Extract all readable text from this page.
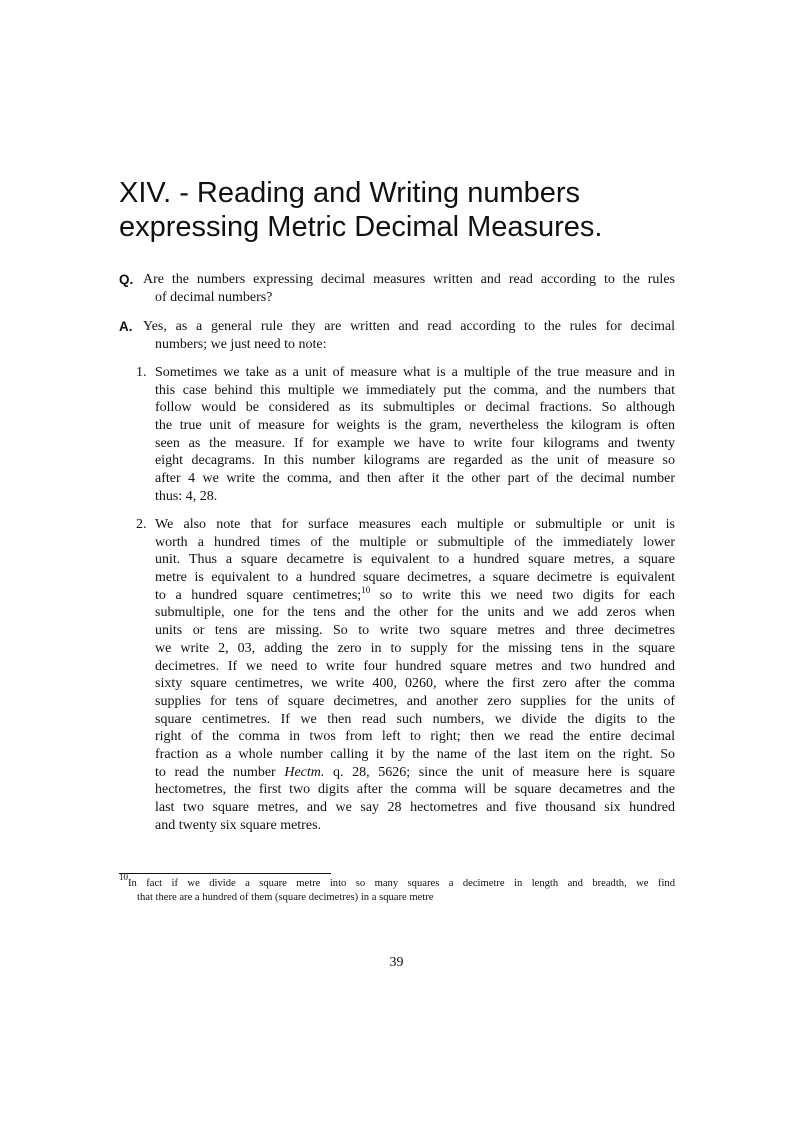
XIV. - Reading and Writing numbers
expressing Metric Decimal Measures.
Q. Are the numbers expressing decimal measures written and read according to the rules
of decimal numbers?
A. Yes, as a general rule they are written and read according to the rules for decimal
numbers; we just need to note:
1. Sometimes we take as a unit of measure what is a multiple of the true measure and in
this case behind this multiple we immediately put the comma, and the numbers that
follow would be considered as its submultiples or decimal fractions. So although
the true unit of measure for weights is the gram, nevertheless the kilogram is often
seen as the measure. If for example we have to write four kilograms and twenty
eight decagrams. In this number kilograms are regarded as the unit of measure so
after 4 we write the comma, and then after it the other part of the decimal number
thus: 4, 28.
2. We also note that for surface measures each multiple or submultiple or unit is
worth a hundred times of the multiple or submultiple of the immediately lower
unit. Thus a square decametre is equivalent to a hundred square metres, a square
metre is equivalent to a hundred square decimetres, a square decimetre is equivalent
to a hundred square centimetres;$^{10}$ so to write this we need two digits for each
submultiple, one for the tens and the other for the units and we add zeros when
units or tens are missing. So to write two square metres and three decimetres
we write 2, 03, adding the zero in to supply for the missing tens in the square
decimetres. If we need to write four hundred square metres and two hundred and
sixty square centimetres, we write 400, 0260, where the first zero after the comma
supplies for tens of square decimetres, and another zero supplies for the units of
square centimetres. If we then read such numbers, we divide the digits to the
right of the comma in twos from left to right; then we read the entire decimal
fraction as a whole number calling it by the name of the last item on the right. So
to read the number Hectm. q. 28, 5626; since the unit of measure here is square
hectometres, the first two digits after the comma will be square decametres and the
last two square metres, and we say 28 hectometres and five thousand six hundred
and twenty six square metres.
$^{10}$In fact if we divide a square metre into so many squares a decimetre in length and breadth, we find
that there are a hundred of them (square decimetres) in a square metre
39
